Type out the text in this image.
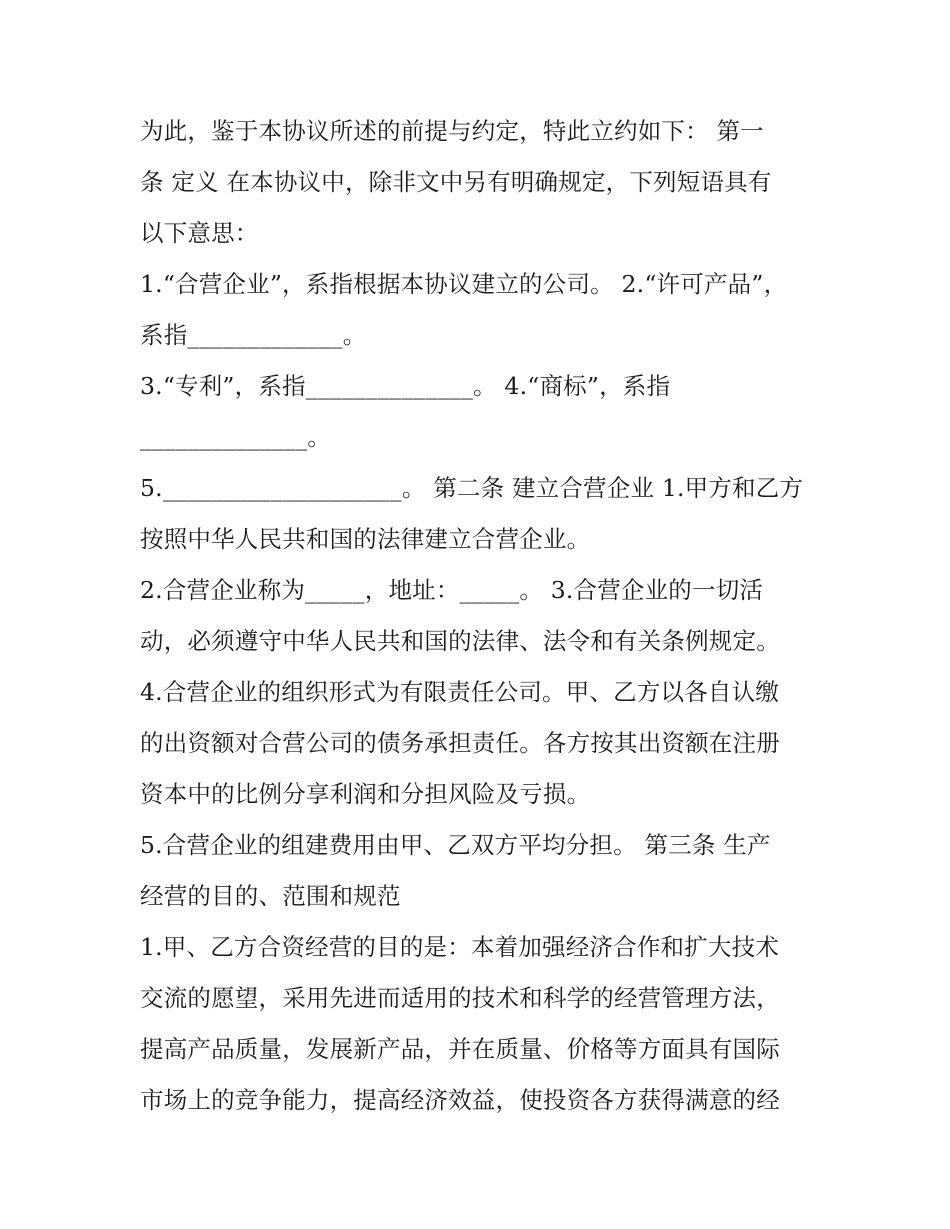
为此，鉴于本协议所述的前提与约定，特此立约如下： 第一
条 定义 在本协议中，除非文中另有明确规定，下列短语具有
以下意思：
1.“合营企业”，系指根据本协议建立的公司。 2.“许可产品”，
系指_____________。
3.“专利”，系指______________。 4.“商标”，系指
______________。
5.____________________。 第二条 建立合营企业 1.甲方和乙方
按照中华人民共和国的法律建立合营企业。
2.合营企业称为_____，地址：_____。 3.合营企业的一切活
动，必须遵守中华人民共和国的法律、法令和有关条例规定。
4.合营企业的组织形式为有限责任公司。甲、乙方以各自认缴
的出资额对合营公司的债务承担责任。各方按其出资额在注册
资本中的比例分享利润和分担风险及亏损。
5.合营企业的组建费用由甲、乙双方平均分担。 第三条 生产
经营的目的、范围和规范
1.甲、乙方合资经营的目的是：本着加强经济合作和扩大技术
交流的愿望，采用先进而适用的技术和科学的经营管理方法，
提高产品质量，发展新产品，并在质量、价格等方面具有国际
市场上的竞争能力，提高经济效益，使投资各方获得满意的经
